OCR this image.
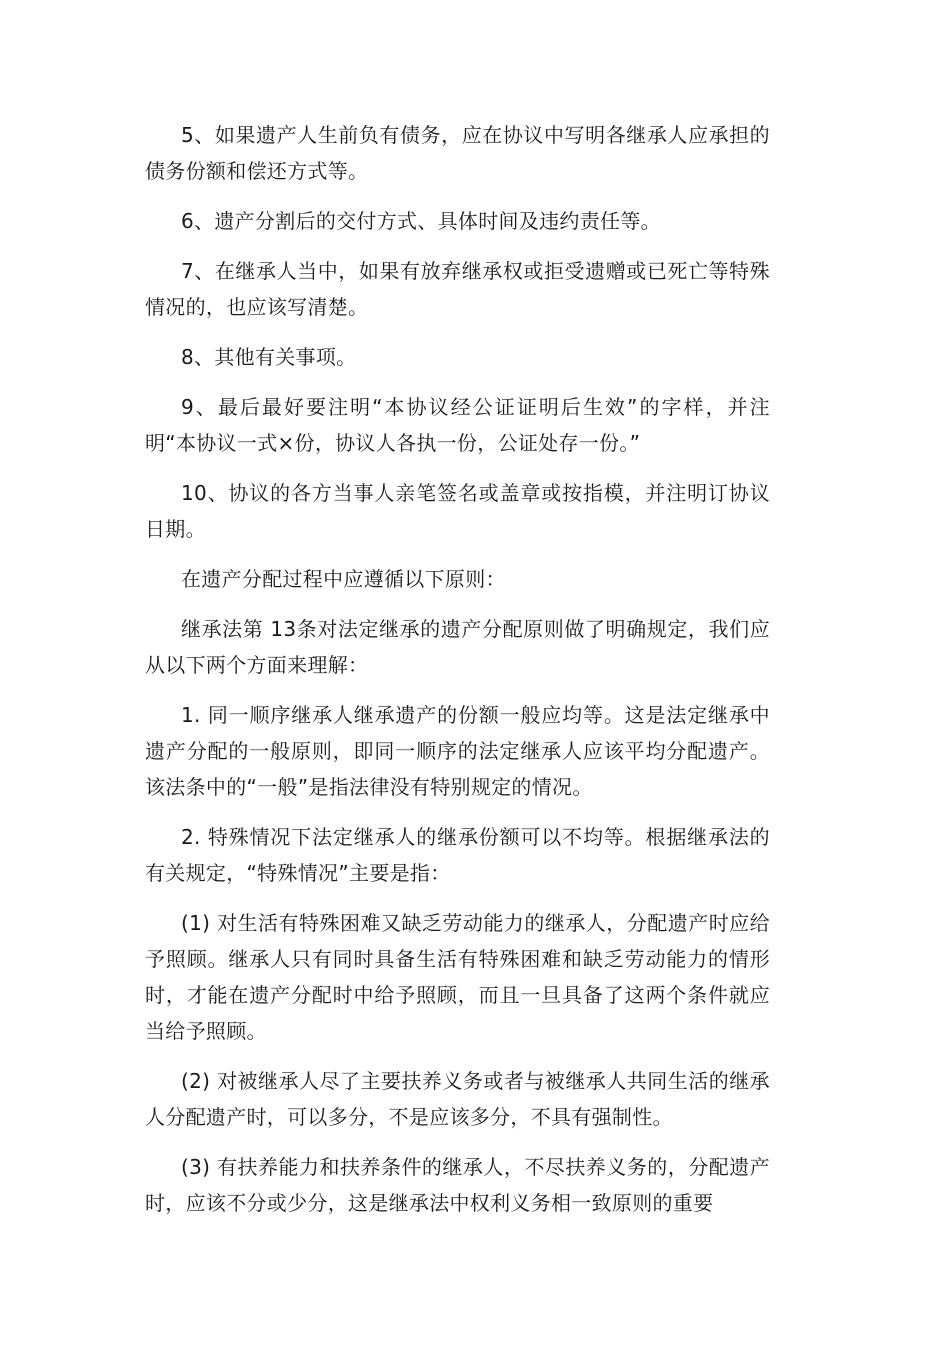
5、如果遗产人生前负有债务，应在协议中写明各继承人应承担的债务份额和偿还方式等。

6、遗产分割后的交付方式、具体时间及违约责任等。

7、在继承人当中，如果有放弃继承权或拒受遗赠或已死亡等特殊情况的，也应该写清楚。

8、其他有关事项。

9、最后最好要注明“本协议经公证证明后生效”的字样，并注明“本协议一式×份，协议人各执一份，公证处存一份。”

10、协议的各方当事人亲笔签名或盖章或按指模，并注明订协议日期。

在遗产分配过程中应遵循以下原则：

继承法第 13条对法定继承的遗产分配原则做了明确规定，我们应从以下两个方面来理解：

1. 同一顺序继承人继承遗产的份额一般应均等。这是法定继承中遗产分配的一般原则，即同一顺序的法定继承人应该平均分配遗产。该法条中的“一般”是指法律没有特别规定的情况。

2. 特殊情况下法定继承人的继承份额可以不均等。根据继承法的有关规定，“特殊情况”主要是指：

(1) 对生活有特殊困难又缺乏劳动能力的继承人，分配遗产时应给予照顾。继承人只有同时具备生活有特殊困难和缺乏劳动能力的情形时，才能在遗产分配时中给予照顾，而且一旦具备了这两个条件就应当给予照顾。

(2) 对被继承人尽了主要扶养义务或者与被继承人共同生活的继承人分配遗产时，可以多分，不是应该多分，不具有强制性。

(3) 有扶养能力和扶养条件的继承人，不尽扶养义务的，分配遗产时，应该不分或少分，这是继承法中权利义务相一致原则的重要
